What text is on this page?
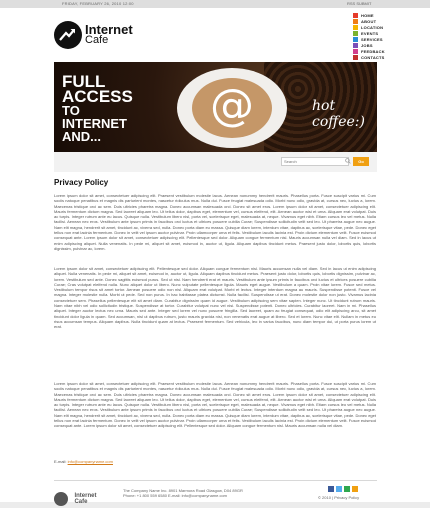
FRIDAY, FEBRUARY 26, 2010 12:00	RSS SUBMIT
Internet
Cafe
HOME
ABOUT
LOCATION
EVENTS
SERVICES
JOBS
FEEDBACK
CONTACTS
@
FULL
ACCESS
TO
INTERNET
AND...
hot coffee:)
Search
Go
Privacy Policy
Lorem ipsum dolor sit amet, consectetuer adipiscing elit. Praesent vestibulum molestie lacus. Aenean nonummy hendrerit mauris. Phasellus porta. Fusce suscipit varius mi. Cum sociis natoque penatibus et magnis dis parturient montes, nascetur ridiculus mus. Nulla dui. Fusce feugiat malesuada odio. Morbi nunc odio, gravida at, cursus nec, luctus a, lorem. Maecenas tristique orci ac sem. Duis ultricies pharetra magna. Donec accumsan malesuada orci. Donec sit amet eros. Lorem ipsum dolor sit amet, consectetuer adipiscing elit. Mauris fermentum dictum magna. Sed laoreet aliquam leo. Ut tellus dolor, dapibus eget, elementum vel, cursus eleifend, elit. Aenean auctor wisi et urna. Aliquam erat volutpat. Duis ac turpis. Integer rutrum ante eu lacus. Quisque nulla. Vestibulum libero nisl, porta vel, scelerisque eget, malesuada at, neque. Vivamus eget nibh. Etiam cursus leo vel metus. Nulla facilisi. Aenean nec eros. Vestibulum ante ipsum primis in faucibus orci luctus et ultrices posuere cubilia Curae; Suspendisse sollicitudin velit sed leo. Ut pharetra augue nec augue. Nam elit magna, hendrerit sit amet, tincidunt ac, viverra sed, nulla. Donec porta diam eu massa. Quisque diam lorem, interdum vitae, dapibus ac, scelerisque vitae, pede. Donec eget tellus non erat lacinia fermentum. Donec in velit vel ipsum auctor pulvinar. Proin ullamcorper urna et felis. Vestibulum iaculis lacinia est. Proin dictum elementum velit. Fusce euismod consequat ante. Lorem ipsum dolor sit amet, consectetuer adipiscing elit. Pellentesque sed dolor. Aliquam congue fermentum nisl. Mauris accumsan nulla vel diam. Sed in lacus ut enim adipiscing aliquet. Nulla venenatis. In pede mi, aliquet sit amet, euismod in, auctor ut, ligula. Aliquam dapibus tincidunt metus. Praesent justo dolor, lobortis quis, lobortis dignissim, pulvinar ac, lorem.
Lorem ipsum dolor sit amet, consectetuer adipiscing elit. Pellentesque sed dolor. Aliquam congue fermentum nisl. Mauris accumsan nulla vel diam. Sed in lacus ut enim adipiscing aliquet. Nulla venenatis. In pede mi, aliquet sit amet, euismod in, auctor ut, ligula. Aliquam dapibus tincidunt metus. Praesent justo dolor, lobortis quis, lobortis dignissim, pulvinar ac, lorem. Vestibulum sed ante. Donec sagittis euismod purus. Sed ut nisi. Nam hendrerit erat et mauris. Vestibulum ante ipsum primis in faucibus orci luctus et ultrices posuere cubilia Curae; Cras volutpat eleifend nulla. Nunc aliquet dolor ut libero. Nunc vulputate pellentesque ligula. Mauris eget augue. Vestibulum a quam. Proin vitae lorem. Fusce sed metus. Vestibulum tempor risus sit amet tortor. Aenean posuere odio non nisl. Aliquam erat volutpat. Morbi et lectus. Integer interdum magna au mauris. Suspendisse potenti. Fusce vel magna. Integer molestie nulla. Morbi ut pede. Sed non purus. In hac habitasse platea dictumst. Nulla facilisi. Suspendisse ut erat. Donec molestie dolor non justo. Vivamus lacinia consectetuer sem. Phasellus pellentesque elit sit amet diam. Curabitur dignissim quam id augue. Vestibulum adipiscing sem vitae sapien. Integer nunc. Ut tincidunt rutrum mauris. Nam vitae nibh vel odio sollicitudin tristique. Suspendisse at tortor. Curabitur volutpat nunc vel nisi. Suspendisse potenti. Donec ultricies. Curabitur laoreet. Nam in mi. Phasellus aliquet. Integer auctor lectus nec urna. Mauris sed ante. Integer sed lorem vel nunc posuere fringilla. Sed laoreet, quam ac feugiat consequat, odio elit adipiscing arcu, sit amet tincidunt dolor ligula in quam. Sed accumsan, nisl ut dapibus rutrum, justo mauris gravida nisi, non venenatis erat augue at libero. Sed et lorem. Nunc vitae elit. Nullam in metus eu risus accumsan tempus. Aliquam dapibus. Nulla tincidunt quam at lectus. Praesent fermentum. Sed vehicula, leo in varius faucibus, nunc diam tempor dui, ut porta purus lorem ut erat.
Lorem ipsum dolor sit amet, consectetuer adipiscing elit. Praesent vestibulum molestie lacus. Aenean nonummy hendrerit mauris. Phasellus porta. Fusce suscipit varius mi. Cum sociis natoque penatibus et magnis dis parturient montes, nascetur ridiculus mus. Nulla dui. Fusce feugiat malesuada odio. Morbi nunc odio, gravida at, cursus nec, luctus a, lorem. Maecenas tristique orci ac sem. Duis ultricies pharetra magna. Donec accumsan malesuada orci. Donec sit amet eros. Lorem ipsum dolor sit amet, consectetuer adipiscing elit. Mauris fermentum dictum magna. Sed laoreet aliquam leo. Ut tellus dolor, dapibus eget, elementum vel, cursus eleifend, elit. Aenean auctor wisi et urna. Aliquam erat volutpat. Duis ac turpis. Integer rutrum ante eu lacus. Quisque nulla. Vestibulum libero nisl, porta vel, scelerisque eget, malesuada at, neque. Vivamus eget nibh. Etiam cursus leo vel metus. Nulla facilisi. Aenean nec eros. Vestibulum ante ipsum primis in faucibus orci luctus et ultrices posuere cubilia Curae; Suspendisse sollicitudin velit sed leo. Ut pharetra augue nec augue. Nam elit magna, hendrerit sit amet, tincidunt ac, viverra sed, nulla. Donec porta diam eu massa. Quisque diam lorem, interdum vitae, dapibus ac, scelerisque vitae, pede. Donec eget tellus non erat lacinia fermentum. Donec in velit vel ipsum auctor pulvinar. Proin ullamcorper urna et felis. Vestibulum iaculis lacinia est. Proin dictum elementum velit. Fusce euismod consequat ante. Lorem ipsum dolor sit amet, consectetuer adipiscing elit. Pellentesque sed dolor. Aliquam congue fermentum nisl. Mauris accumsan nulla vel diam.
E-mail: info@companyname.com
Internet
Cafe
The Company Name Inc. 8901 Marmora Road Glasgow, D04 89GR
Phone: +1 800 559 6580 E-mail: info@companyname.com	© 2010 | Privacy Policy
